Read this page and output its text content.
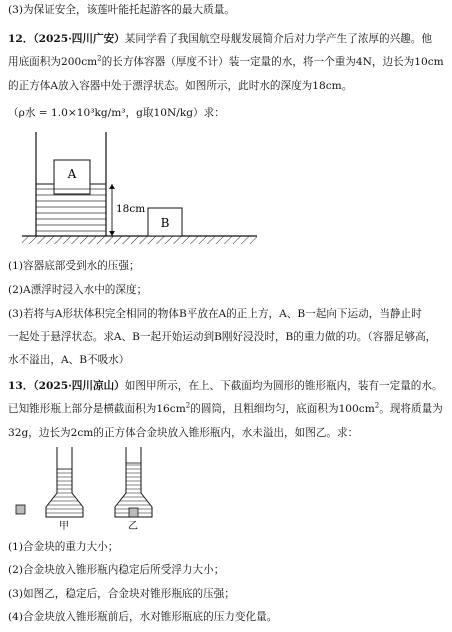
(3)为保证安全，该莲叶能托起游客的最大质量。
12．（2025·四川广安）某同学看了我国航空母舰发展简介后对力学产生了浓厚的兴趣。他
用底面积为$200cm^2$的长方体容器（厚度不计）装一定量的水，将一个重为4N，边长为10cm
的正方体A放入容器中处于漂浮状态。如图所示，此时水的深度为18cm。
（ρ水 = 1.0×10³kg/m³，g取10N/kg）求：
A
18cm
B
(1)容器底部受到水的压强；
(2)A漂浮时浸入水中的深度；
(3)若将与A形状体积完全相同的物体B平放在A的正上方，A、B一起向下运动，当静止时
一起处于悬浮状态。求A、B一起开始运动到B刚好浸没时，B的重力做的功。（容器足够高，
水不溢出，A、B不吸水）
13．（2025·四川凉山）如图甲所示，在上、下截面均为圆形的锥形瓶内，装有一定量的水。
已知锥形瓶上部分是横截面积为$16cm^2$的圆筒，且粗细均匀，底面积为$100cm^2$。现将质量为
32g，边长为2cm的正方体合金块放入锥形瓶内，水未溢出，如图乙。求：
甲	乙
(1)合金块的重力大小；
(2)合金块放入锥形瓶内稳定后所受浮力大小；
(3)如图乙，稳定后，合金块对锥形瓶底的压强；
(4)合金块放入锥形瓶前后，水对锥形瓶底的压力变化量。
